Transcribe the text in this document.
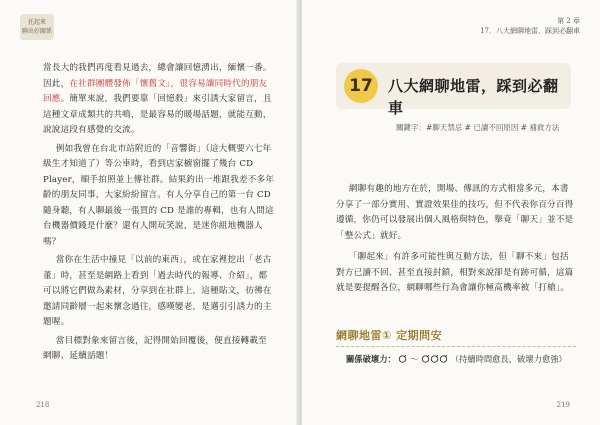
托起來
聊出好關係

當長大的我們再度看見過去，總會讓回憶湧出，緬懷一番。因此，在社群團體發佈「懷舊文」，很容易讓同時代的朋友回應。簡單來說，我們要靠「回憶殺」來引誘大家留言，且這種文章成類共的共鳴，是最容易的暖場話題，就能互動，說說這段有感覺的交流。

例如我曾在台北市站附近的「音響街」（這大概要六七年級生才知道了）等公車時，看到店家櫥窗擺了幾台 CD Player，順手拍照並上傳社群。結果釣出一堆跟我差不多年齡的朋友同事，大家紛紛留言。有人分享自己的第一台 CD 隨身聽，有人聊最後一張買的 CD 是誰的專輯，也有人問這台機器價錢是什麼？還有人開玩笑說，是迷你組地機器人嗎？

當你在生活中撞見「以前的東西」，或在家裡挖出「老古董」時，甚至是網路上看到「過去時代的報導、介紹」，都可以將它們做為素材，分享到在社群上，這種貼文，彷彿在邀請同齡層一起來懷念過往，感嘆變老，是邁引引誘力的主題喔。

當目標對象來留言後，記得開始回覆後，便直接轉載至網聊、延續話題！

218
第 2 章
17．八大網聊地雷，踩到必翻車
17	八大網聊地雷，踩到必翻車
關鍵字：#聊天禁忌 # 已讀不回原因 # 補救方法

網聊有趣的地方在於，開場、傳訊的方式相當多元，本書分享了一部分實用、實證效果佳的技巧，但不代表你百分百得遵循，你仍可以發展出個人風格與特色，舉竟「聊天」並不是「整公式」就好。

「聊起來」有許多可能性與互動方法，但「聊不來」包括對方已讀不回、甚至直接封鎖，相對來說卻是有跡可循，這篇就是要提醒各位，網聊哪些行為會讓你極高機率被「打槍」。

網聊地雷① 定期問安
關係破壞力： ～	（持續時間愈長，破壞力愈強）
219
